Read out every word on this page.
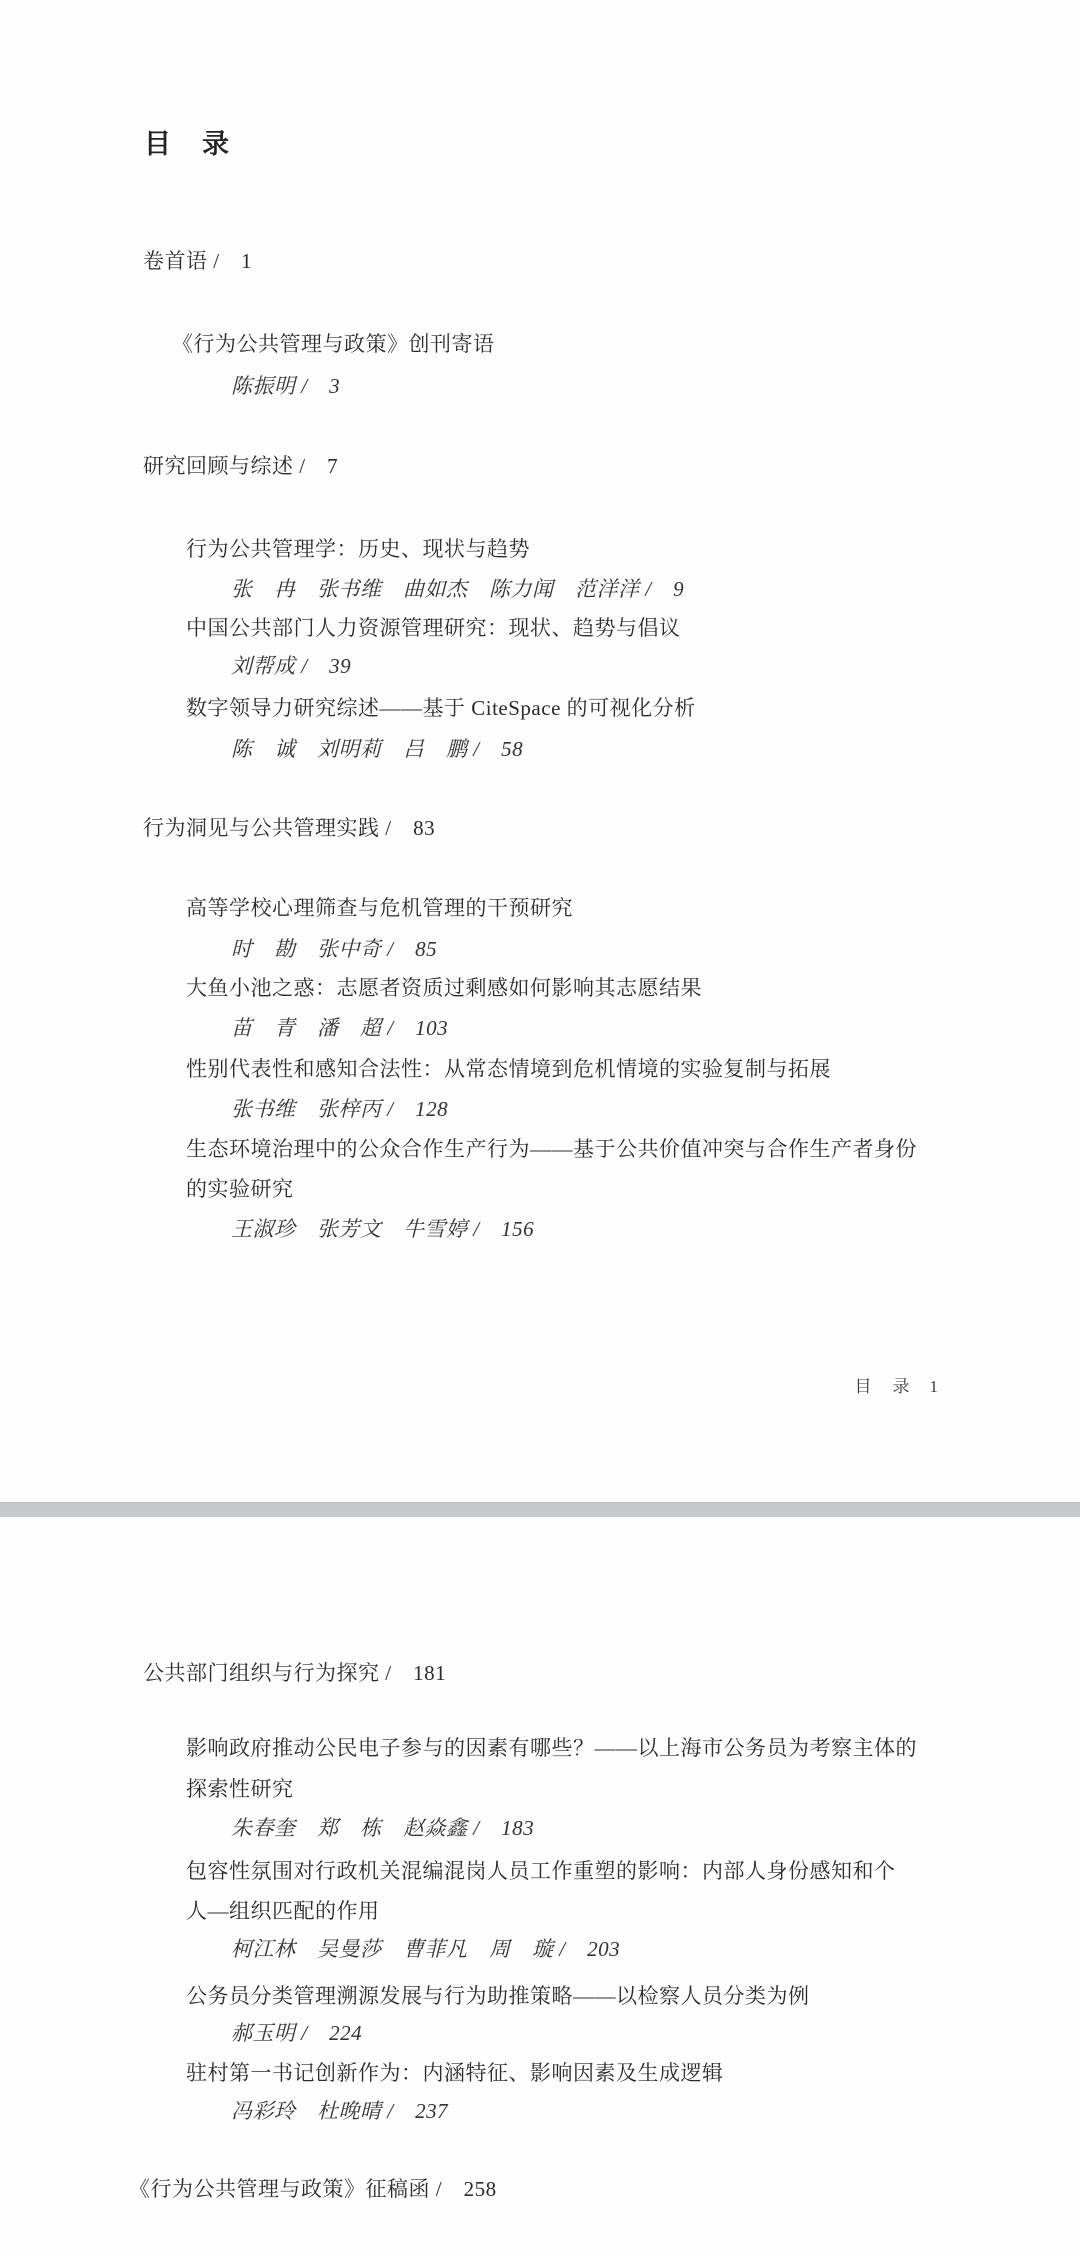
目　录
卷首语 /　1
《行为公共管理与政策》创刊寄语
陈振明 /　3
研究回顾与综述 /　7
行为公共管理学：历史、现状与趋势
张　冉　张书维　曲如杰　陈力闻　范洋洋 /　9
中国公共部门人力资源管理研究：现状、趋势与倡议
刘帮成 /　39
数字领导力研究综述——基于 CiteSpace 的可视化分析
陈　诚　刘明莉　吕　鹏 /　58
行为洞见与公共管理实践 /　83
高等学校心理筛查与危机管理的干预研究
时　勘　张中奇 /　85
大鱼小池之惑：志愿者资质过剩感如何影响其志愿结果
苗　青　潘　超 /　103
性别代表性和感知合法性：从常态情境到危机情境的实验复制与拓展
张书维　张梓丙 /　128
生态环境治理中的公众合作生产行为——基于公共价值冲突与合作生产者身份
的实验研究
王淑珍　张芳文　牛雪婷 /　156
目　录 1
公共部门组织与行为探究 /　181
影响政府推动公民电子参与的因素有哪些？——以上海市公务员为考察主体的
探索性研究
朱春奎　郑　栋　赵焱鑫 /　183
包容性氛围对行政机关混编混岗人员工作重塑的影响：内部人身份感知和个
人—组织匹配的作用
柯江林　吴曼莎　曹菲凡　周　璇 /　203
公务员分类管理溯源发展与行为助推策略——以检察人员分类为例
郝玉明 /　224
驻村第一书记创新作为：内涵特征、影响因素及生成逻辑
冯彩玲　杜晚晴 /　237
《行为公共管理与政策》征稿函 /　258
